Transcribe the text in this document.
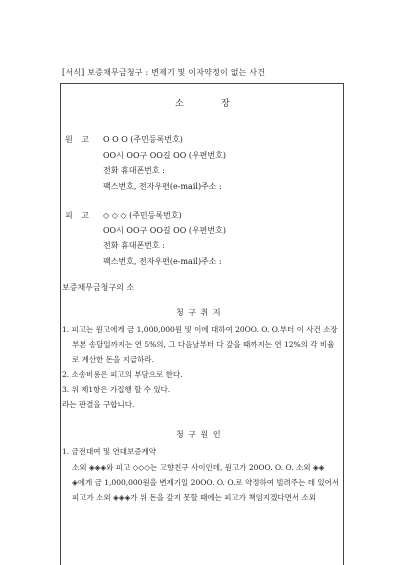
[서식] 보증채무금청구 : 변제기 및 이자약정이 없는 사건
소	장
원 고 O O O (주민등록번호)
OO시 OO구 OO길 OO (우편번호)
전화 휴대폰번호 :
팩스번호, 전자우편(e-mail)주소 :
피 고 ◇ ◇ ◇ (주민등록번호)
OO시 OO구 OO길 OO (우편번호)
전화 휴대폰번호 :
팩스번호, 전자우편(e-mail)주소 :
보증채무금청구의 소
청 구 취 지
1. 피고는 원고에게 금 1,000,000원 및 이에 대하여 20OO. O. O.부터 이 사건 소장
부본 송달일까지는 연 5%의, 그 다음날부터 다 갚을 때까지는 연 12%의 각 비율
로 계산한 돈을 지급하라.
2. 소송비용은 피고의 부담으로 한다.
3. 위 제1항은 가집행 할 수 있다.
라는 판결을 구합니다.
청 구 원 인
1. 금전대여 및 연대보증계약
소외 ◈◈◈와 피고 ◇◇◇는 고향친구 사이인데, 원고가 20OO. O. O. 소외 ◈◈
◈에게 금 1,000,000원을 변제기일 20OO. O. O.로 약정하여 빌려주는 데 있어서
피고가 소외 ◈◈◈가 위 돈을 갚지 못할 때에는 피고가 책임지겠다면서 소외
